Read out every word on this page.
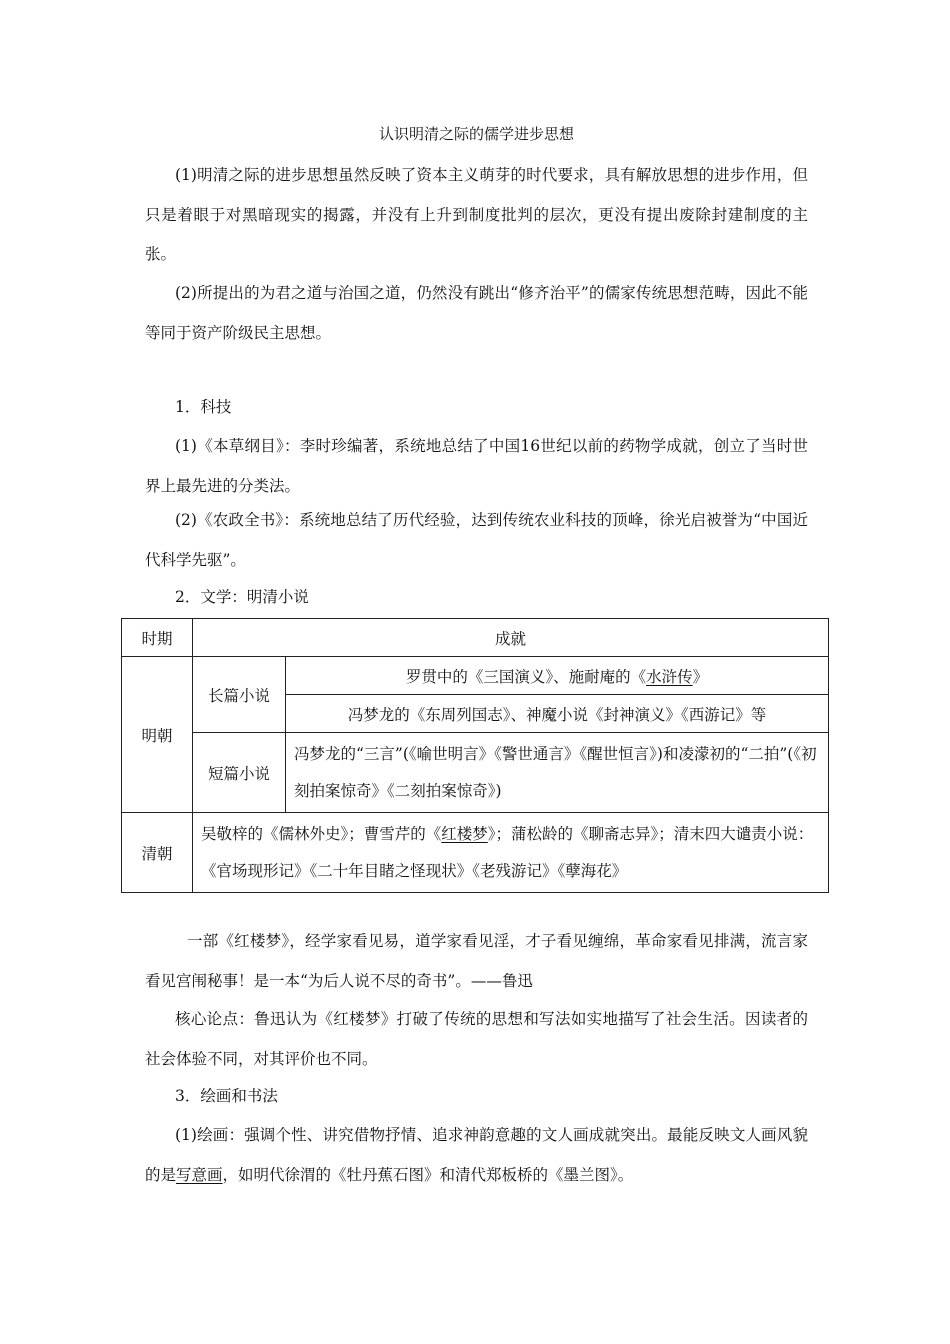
认识明清之际的儒学进步思想

(1)明清之际的进步思想虽然反映了资本主义萌芽的时代要求，具有解放思想的进步作用，但只是着眼于对黑暗现实的揭露，并没有上升到制度批判的层次，更没有提出废除封建制度的主张。

(2)所提出的为君之道与治国之道，仍然没有跳出“修齐治平”的儒家传统思想范畴，因此不能等同于资产阶级民主思想。

1．科技

(1)《本草纲目》：李时珍编著，系统地总结了中国16世纪以前的药物学成就，创立了当时世界上最先进的分类法。

(2)《农政全书》：系统地总结了历代经验，达到传统农业科技的顶峰，徐光启被誉为“中国近代科学先驱”。

2．文学：明清小说

时期	成就	
明朝	长篇小说	罗贯中的《三国演义》、施耐庵的《水浒传》
		冯梦龙的《东周列国志》、神魔小说《封神演义》《西游记》等
	短篇小说	冯梦龙的“三言”(《喻世明言》《警世通言》《醒世恒言》)和凌濛初的“二拍”(《初刻拍案惊奇》《二刻拍案惊奇》)
清朝	吴敬梓的《儒林外史》；曹雪芹的《红楼梦》；蒲松龄的《聊斋志异》；清末四大谴责小说：《官场现形记》《二十年目睹之怪现状》《老残游记》《孽海花》	

一部《红楼梦》，经学家看见易，道学家看见淫，才子看见缠绵，革命家看见排满，流言家看见宫闱秘事！是一本“为后人说不尽的奇书”。——鲁迅

核心论点：鲁迅认为《红楼梦》打破了传统的思想和写法如实地描写了社会生活。因读者的社会体验不同，对其评价也不同。

3．绘画和书法

(1)绘画：强调个性、讲究借物抒情、追求神韵意趣的文人画成就突出。最能反映文人画风貌的是写意画，如明代徐渭的《牡丹蕉石图》和清代郑板桥的《墨兰图》。
